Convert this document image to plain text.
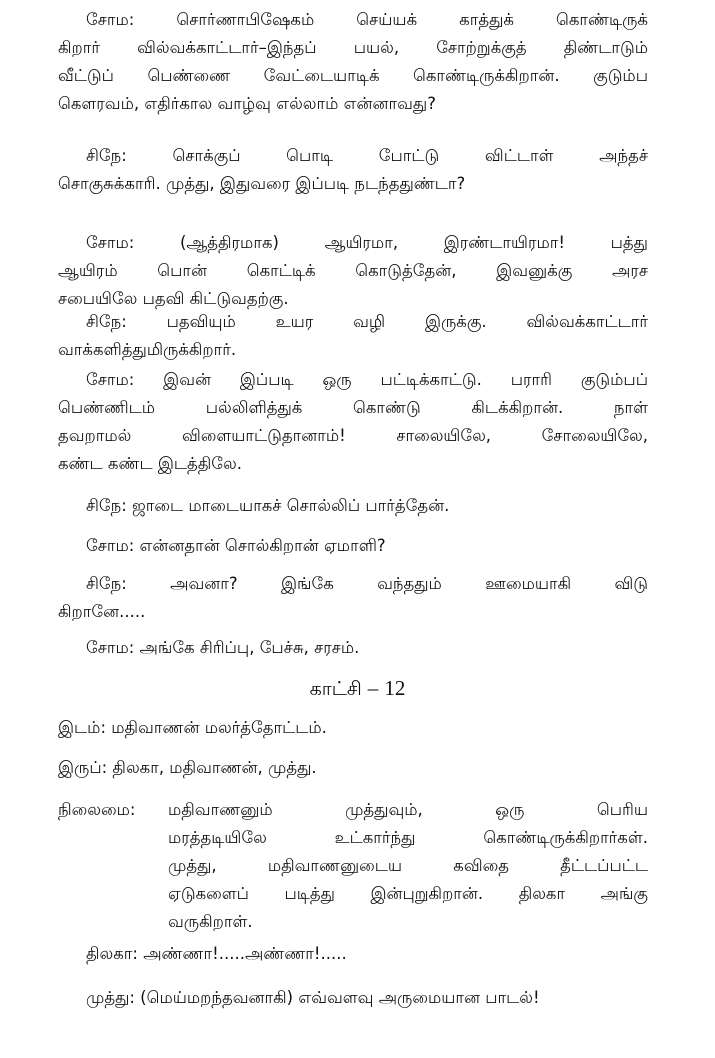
சோம: சொர்ணாபிஷேகம் செய்யக் காத்துக் கொண்டிருக்
கிறார் வில்வக்காட்டார்–இந்தப் பயல், சோற்றுக்குத் திண்டாடும்
வீட்டுப் பெண்ணை வேட்டையாடிக் கொண்டிருக்கிறான். குடும்ப
கௌரவம், எதிர்கால வாழ்வு எல்லாம் என்னாவது?
சிநே: சொக்குப் பொடி போட்டு விட்டாள் அந்தச்
சொகுசுக்காரி. முத்து, இதுவரை இப்படி நடந்ததுண்டா?
சோம: (ஆத்திரமாக) ஆயிரமா, இரண்டாயிரமா! பத்து
ஆயிரம் பொன் கொட்டிக் கொடுத்தேன், இவனுக்கு அரச
சபையிலே பதவி கிட்டுவதற்கு.
சிநே: பதவியும் உயர வழி இருக்கு. வில்வக்காட்டார்
வாக்களித்துமிருக்கிறார்.
சோம: இவன் இப்படி ஒரு பட்டிக்காட்டு. பராரி குடும்பப்
பெண்ணிடம் பல்லிளித்துக் கொண்டு கிடக்கிறான். நாள்
தவறாமல் விளையாட்டுதானாம்! சாலையிலே, சோலையிலே,
கண்ட கண்ட இடத்திலே.
சிநே: ஜாடை மாடையாகச் சொல்லிப் பார்த்தேன்.
சோம: என்னதான் சொல்கிறான் ஏமாளி?
சிநே: அவனா? இங்கே வந்ததும் ஊமையாகி விடு
கிறானே.....
சோம: அங்கே சிரிப்பு, பேச்சு, சரசம்.
காட்சி – 12
இடம்: மதிவாணன் மலர்த்தோட்டம்.
இருப்: திலகா, மதிவாணன், முத்து.
நிலைமை: மதிவாணனும் முத்துவும், ஒரு பெரிய
மரத்தடியிலே உட்கார்ந்து கொண்டிருக்கிறார்கள்.
முத்து, மதிவாணனுடைய கவிதை தீட்டப்பட்ட
ஏடுகளைப் படித்து இன்புறுகிறான். திலகா அங்கு
வருகிறாள்.
திலகா: அண்ணா!.....அண்ணா!.....
முத்து: (மெய்மறந்தவனாகி) எவ்வளவு அருமையான பாடல்!
